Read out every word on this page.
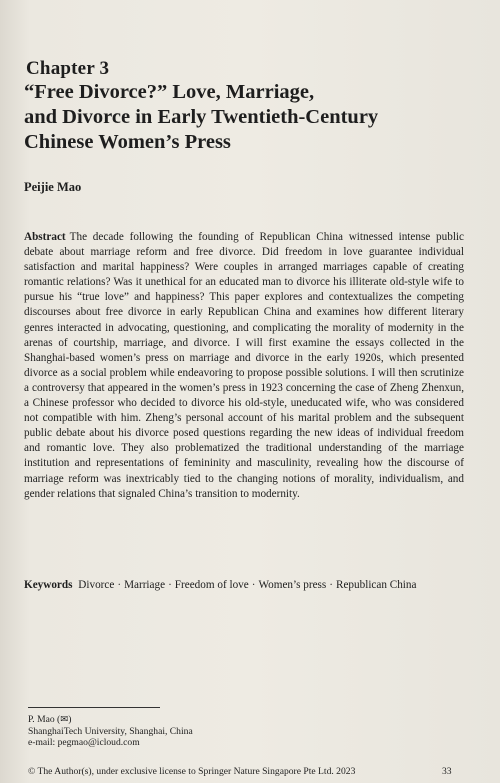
Chapter 3
“Free Divorce?” Love, Marriage,
and Divorce in Early Twentieth-Century
Chinese Women’s Press
Peijie Mao
Abstract The decade following the founding of Republican China witnessed intense public debate about marriage reform and free divorce. Did freedom in love guarantee individual satisfaction and marital happiness? Were couples in arranged marriages capable of creating romantic relations? Was it unethical for an educated man to divorce his illiterate old-style wife to pursue his “true love” and happiness? This paper explores and contextualizes the competing discourses about free divorce in early Republican China and examines how different literary genres interacted in advocating, questioning, and complicating the morality of modernity in the arenas of courtship, marriage, and divorce. I will first examine the essays collected in the Shanghai-based women’s press on marriage and divorce in the early 1920s, which presented divorce as a social problem while endeavoring to propose possible solutions. I will then scrutinize a controversy that appeared in the women’s press in 1923 concerning the case of Zheng Zhenxun, a Chinese professor who decided to divorce his old-style, uneducated wife, who was considered not compatible with him. Zheng’s personal account of his marital problem and the subsequent public debate about his divorce posed questions regarding the new ideas of individual freedom and romantic love. They also problematized the traditional understanding of the marriage institution and representations of femininity and masculinity, revealing how the discourse of marriage reform was inextricably tied to the changing notions of morality, individualism, and gender relations that signaled China’s transition to modernity.
Keywords Divorce · Marriage · Freedom of love · Women’s press · Republican China
P. Mao (✉)
ShanghaiTech University, Shanghai, China
e-mail: pegmao@icloud.com
© The Author(s), under exclusive license to Springer Nature Singapore Pte Ltd. 2023	33
